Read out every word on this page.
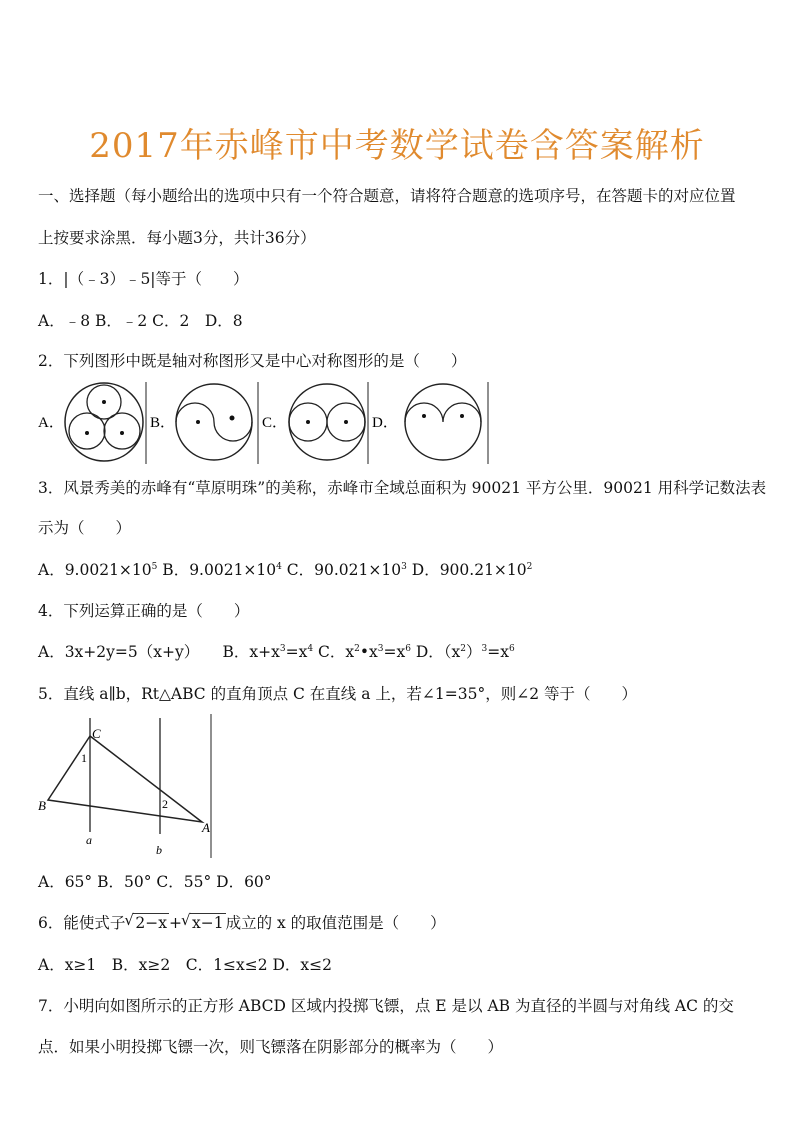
2017年赤峰市中考数学试卷含答案解析
一、选择题（每小题给出的选项中只有一个符合题意，请将符合题意的选项序号，在答题卡的对应位置
上按要求涂黑．每小题3分，共计36分）
1．|（﹣3）﹣5|等于（　　）
A．﹣8 B．﹣2 C．2　D．8
2．下列图形中既是轴对称图形又是中心对称图形的是（　　）
A．	B．	C．	D．
3．风景秀美的赤峰有“草原明珠”的美称，赤峰市全域总面积为 90021 平方公里．90021 用科学记数法表
示为（　　）
A．$9.0021\times 10^5$ B．$9.0021\times 10^4$ C．$90.021\times 10^3$ D．$900.21\times 10^2$
4．下列运算正确的是（　　）
A．3x+2y=5（x+y）　　B．$x+x^3=x^4$ C．$x^2•x^3=x^6$ D．$(x^2)^3=x^6$
5．直线 a∥b，Rt△ABC 的直角顶点 C 在直线 a 上，若∠1=35°，则∠2 等于（　　）
C
B
A
1
2
a
b
A．65° B．50° C．55° D．60°
6．能使式子 √ 2−x + √ x−1 成立的 x 的取值范围是（　　）
A．x≥1　B．x≥2　C．1≤x≤2 D．x≤2
7．小明向如图所示的正方形 ABCD 区域内投掷飞镖，点 E 是以 AB 为直径的半圆与对角线 AC 的交
点．如果小明投掷飞镖一次，则飞镖落在阴影部分的概率为（　　）
